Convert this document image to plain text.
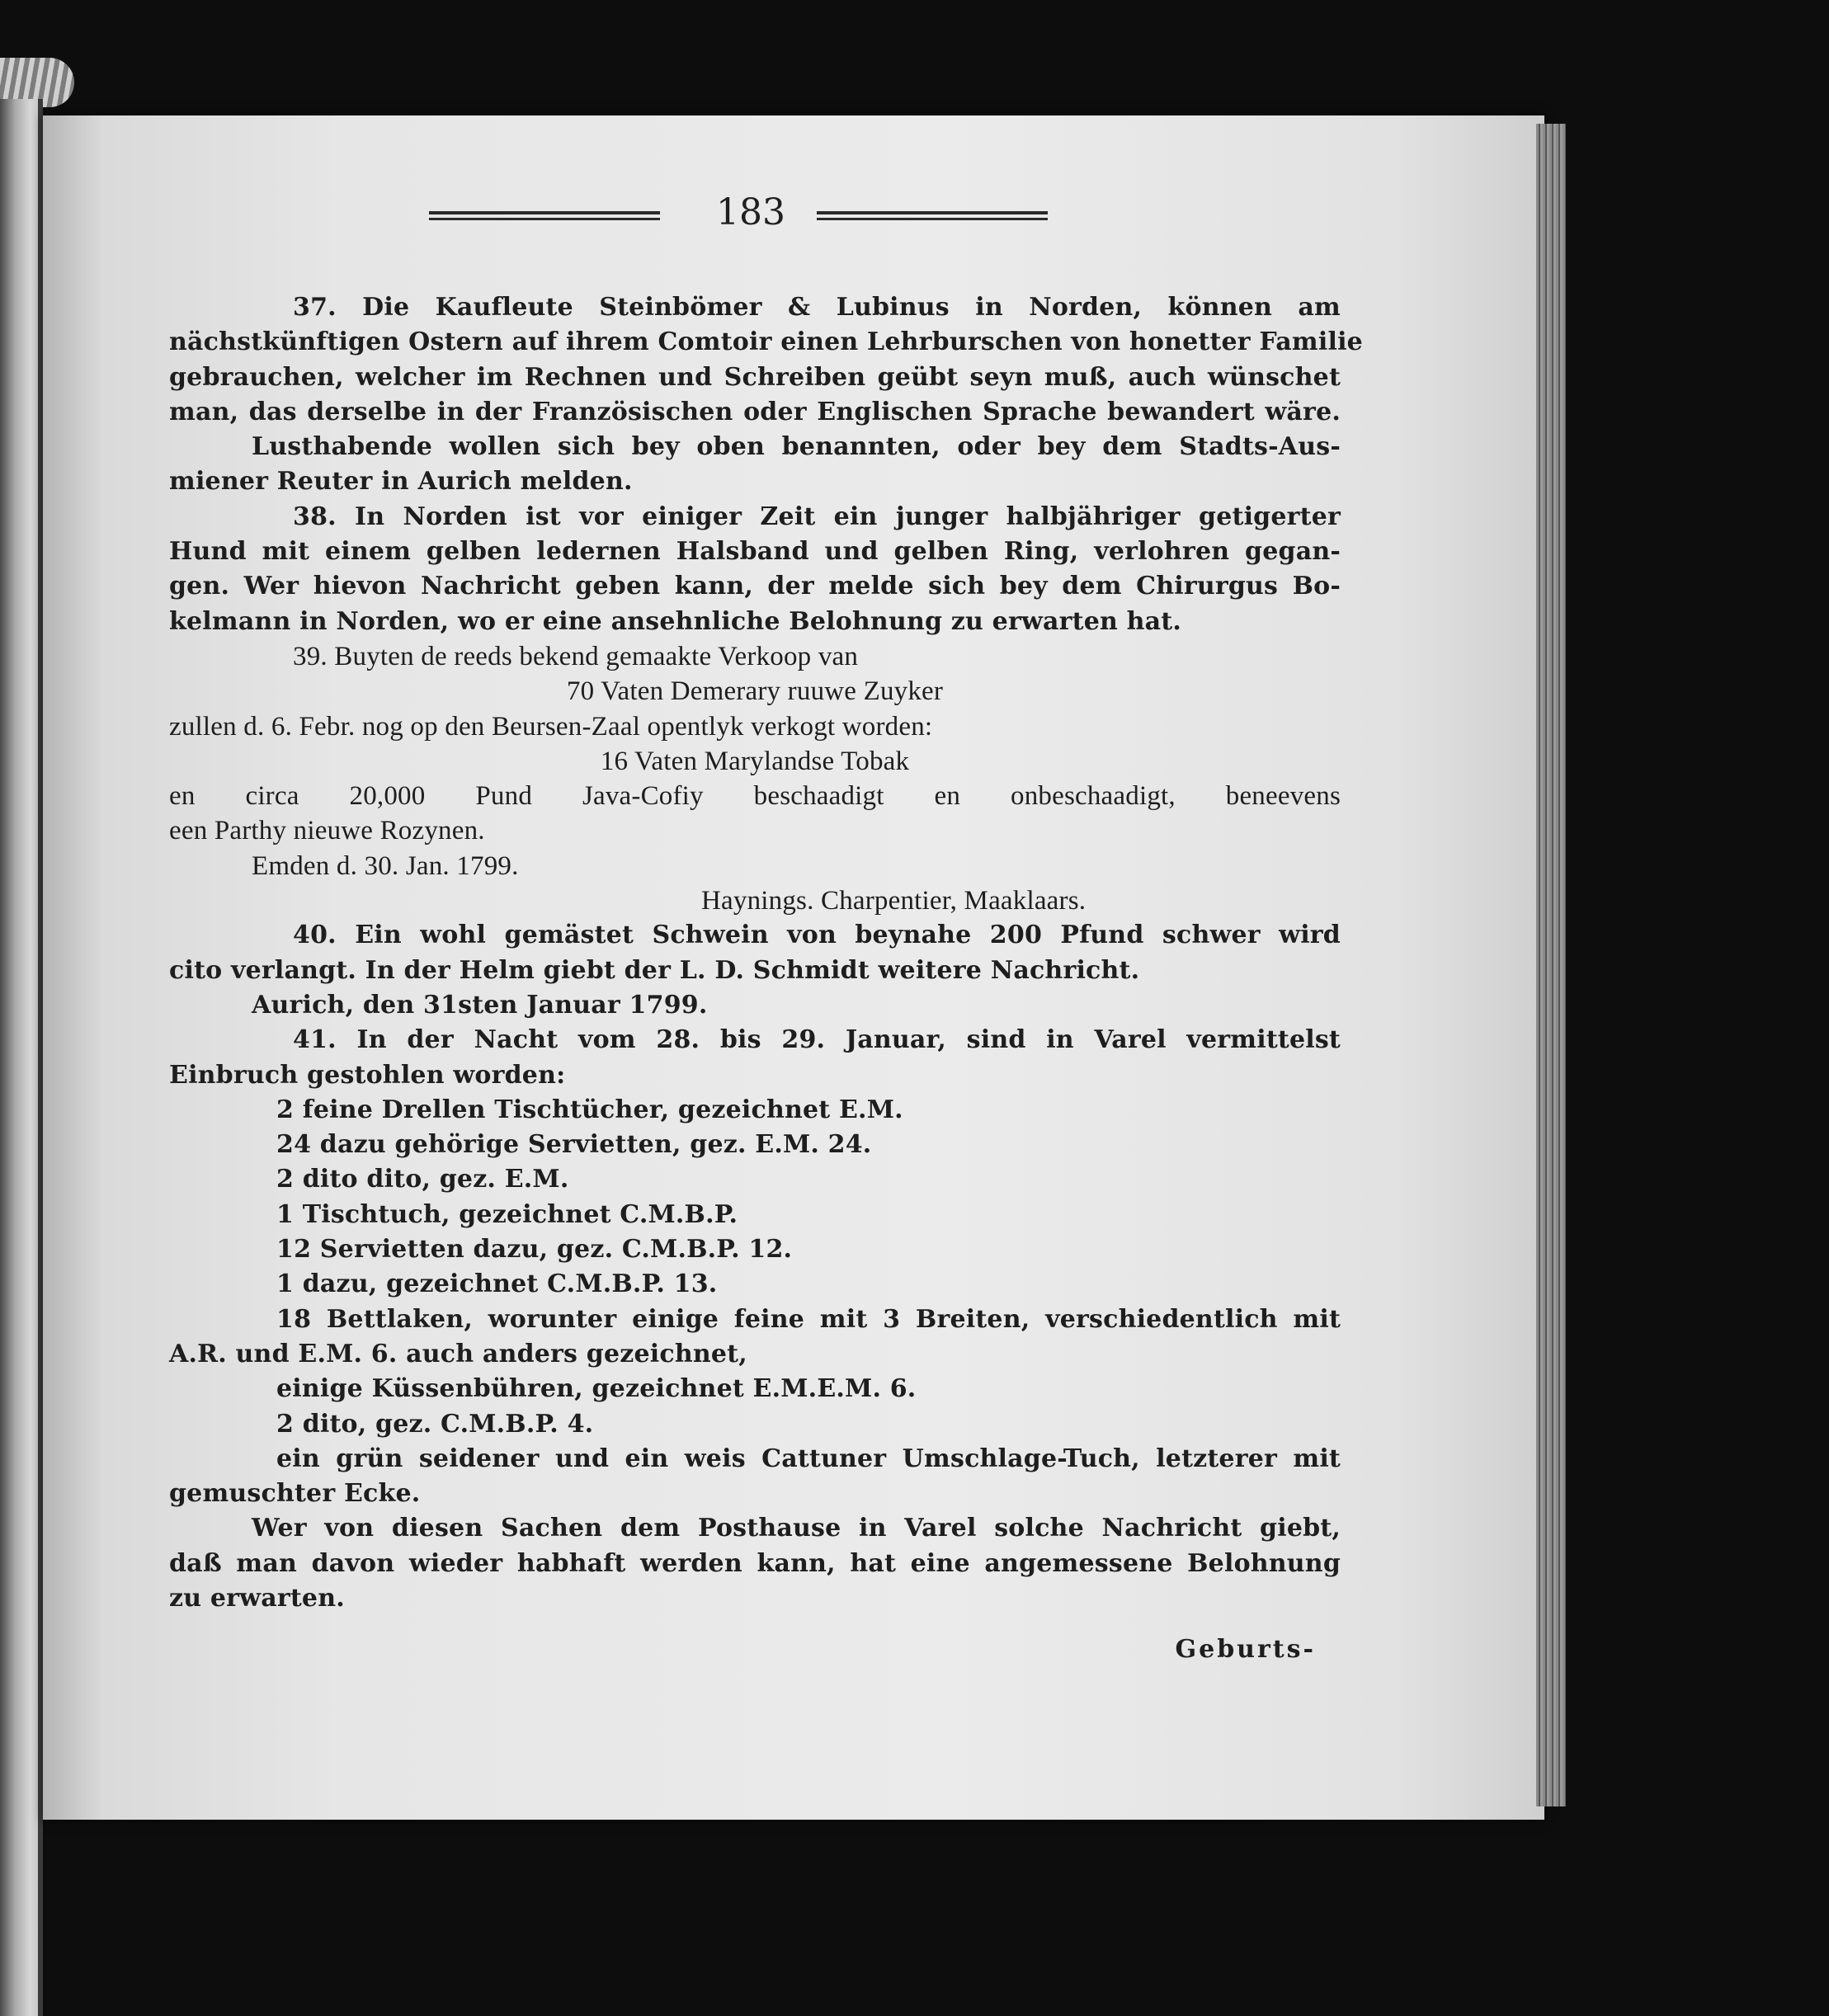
183
37. Die Kaufleute Steinbömer & Lubinus in Norden, können am
nächstkünftigen Ostern auf ihrem Comtoir einen Lehrburschen von honetter Familie
gebrauchen, welcher im Rechnen und Schreiben geübt seyn muß, auch wünschet
man, das derselbe in der Französischen oder Englischen Sprache bewandert wäre.
Lusthabende wollen sich bey oben benannten, oder bey dem Stadts-Aus-
miener Reuter in Aurich melden.
38. In Norden ist vor einiger Zeit ein junger halbjähriger getigerter
Hund mit einem gelben ledernen Halsband und gelben Ring, verlohren gegan-
gen. Wer hievon Nachricht geben kann, der melde sich bey dem Chirurgus Bo-
kelmann in Norden, wo er eine ansehnliche Belohnung zu erwarten hat.
39. Buyten de reeds bekend gemaakte Verkoop van
70 Vaten Demerary ruuwe Zuyker
zullen d. 6. Febr. nog op den Beursen-Zaal opentlyk verkogt worden:
16 Vaten Marylandse Tobak
en circa 20,000 Pund Java-Cofiy beschaadigt en onbeschaadigt, beneevens
een Parthy nieuwe Rozynen.
Emden d. 30. Jan. 1799.
Haynings. Charpentier, Maaklaars.
40. Ein wohl gemästet Schwein von beynahe 200 Pfund schwer wird
cito verlangt. In der Helm giebt der L. D. Schmidt weitere Nachricht.
Aurich, den 31sten Januar 1799.
41. In der Nacht vom 28. bis 29. Januar, sind in Varel vermittelst
Einbruch gestohlen worden:
2 feine Drellen Tischtücher, gezeichnet E.M.
24 dazu gehörige Servietten, gez. E.M. 24.
2 dito dito, gez. E.M.
1 Tischtuch, gezeichnet C.M.B.P.
12 Servietten dazu, gez. C.M.B.P. 12.
1 dazu, gezeichnet C.M.B.P. 13.
18 Bettlaken, worunter einige feine mit 3 Breiten, verschiedentlich mit
A.R. und E.M. 6. auch anders gezeichnet,
einige Küssenbühren, gezeichnet E.M.E.M. 6.
2 dito, gez. C.M.B.P. 4.
ein grün seidener und ein weis Cattuner Umschlage-Tuch, letzterer mit
gemuschter Ecke.
Wer von diesen Sachen dem Posthause in Varel solche Nachricht giebt,
daß man davon wieder habhaft werden kann, hat eine angemessene Belohnung
zu erwarten.
Geburts-
